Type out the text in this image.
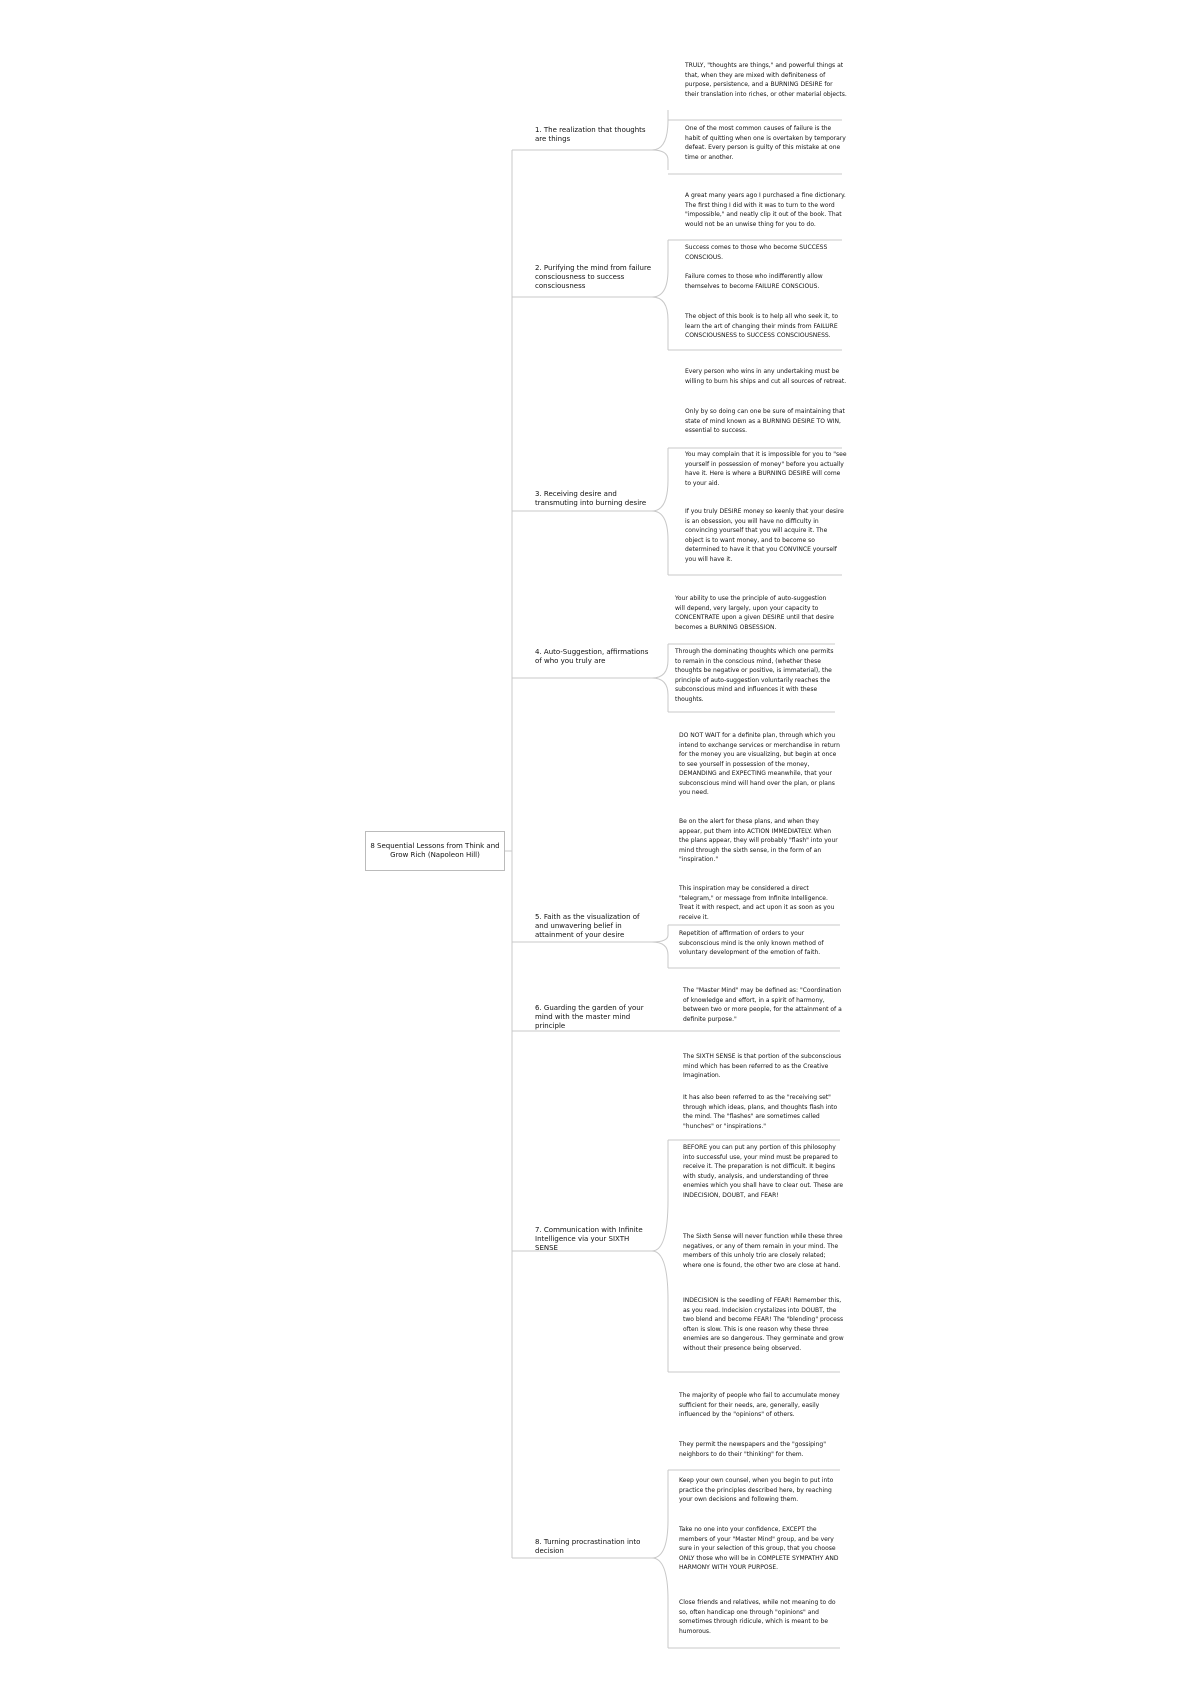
8 Sequential Lessons from Think and Grow Rich (Napoleon Hill)
1. The realization that thoughts are things
TRULY, "thoughts are things," and powerful things at that, when they are mixed with definiteness of purpose, persistence, and a BURNING DESIRE for their translation into riches, or other material objects.
One of the most common causes of failure is the habit of quitting when one is overtaken by temporary defeat. Every person is guilty of this mistake at one time or another.
2. Purifying the mind from failure consciousness to success consciousness
A great many years ago I purchased a fine dictionary. The first thing I did with it was to turn to the word "impossible," and neatly clip it out of the book. That would not be an unwise thing for you to do.
Success comes to those who become SUCCESS CONSCIOUS.
Failure comes to those who indifferently allow themselves to become FAILURE CONSCIOUS.
The object of this book is to help all who seek it, to learn the art of changing their minds from FAILURE CONSCIOUSNESS to SUCCESS CONSCIOUSNESS.
3. Receiving desire and transmuting into burning desire
Every person who wins in any undertaking must be willing to burn his ships and cut all sources of retreat.
Only by so doing can one be sure of maintaining that state of mind known as a BURNING DESIRE TO WIN, essential to success.
You may complain that it is impossible for you to "see yourself in possession of money" before you actually have it. Here is where a BURNING DESIRE will come to your aid.
If you truly DESIRE money so keenly that your desire is an obsession, you will have no difficulty in convincing yourself that you will acquire it. The object is to want money, and to become so determined to have it that you CONVINCE yourself you will have it.
4. Auto-Suggestion, affirmations of who you truly are
Your ability to use the principle of auto-suggestion will depend, very largely, upon your capacity to CONCENTRATE upon a given DESIRE until that desire becomes a BURNING OBSESSION.
Through the dominating thoughts which one permits to remain in the conscious mind, (whether these thoughts be negative or positive, is immaterial), the principle of auto-suggestion voluntarily reaches the subconscious mind and influences it with these thoughts.
5. Faith as the visualization of and unwavering belief in attainment of your desire
DO NOT WAIT for a definite plan, through which you intend to exchange services or merchandise in return for the money you are visualizing, but begin at once to see yourself in possession of the money, DEMANDING and EXPECTING meanwhile, that your subconscious mind will hand over the plan, or plans you need.
Be on the alert for these plans, and when they appear, put them into ACTION IMMEDIATELY. When the plans appear, they will probably "flash" into your mind through the sixth sense, in the form of an "inspiration."
This inspiration may be considered a direct "telegram," or message from Infinite Intelligence. Treat it with respect, and act upon it as soon as you receive it.
Repetition of affirmation of orders to your subconscious mind is the only known method of voluntary development of the emotion of faith.
6. Guarding the garden of your mind with the master mind principle
The "Master Mind" may be defined as: "Coordination of knowledge and effort, in a spirit of harmony, between two or more people, for the attainment of a definite purpose."
7. Communication with Infinite Intelligence via your SIXTH SENSE
The SIXTH SENSE is that portion of the subconscious mind which has been referred to as the Creative Imagination.
It has also been referred to as the "receiving set" through which ideas, plans, and thoughts flash into the mind. The "flashes" are sometimes called "hunches" or "inspirations."
BEFORE you can put any portion of this philosophy into successful use, your mind must be prepared to receive it. The preparation is not difficult. It begins with study, analysis, and understanding of three enemies which you shall have to clear out. These are INDECISION, DOUBT, and FEAR!
The Sixth Sense will never function while these three negatives, or any of them remain in your mind. The members of this unholy trio are closely related; where one is found, the other two are close at hand.
INDECISION is the seedling of FEAR! Remember this, as you read. Indecision crystalizes into DOUBT, the two blend and become FEAR! The "blending" process often is slow. This is one reason why these three enemies are so dangerous. They germinate and grow without their presence being observed.
8. Turning procrastination into decision
The majority of people who fail to accumulate money sufficient for their needs, are, generally, easily influenced by the "opinions" of others.
They permit the newspapers and the "gossiping" neighbors to do their "thinking" for them.
Keep your own counsel, when you begin to put into practice the principles described here, by reaching your own decisions and following them.
Take no one into your confidence, EXCEPT the members of your "Master Mind" group, and be very sure in your selection of this group, that you choose ONLY those who will be in COMPLETE SYMPATHY AND HARMONY WITH YOUR PURPOSE.
Close friends and relatives, while not meaning to do so, often handicap one through "opinions" and sometimes through ridicule, which is meant to be humorous.
